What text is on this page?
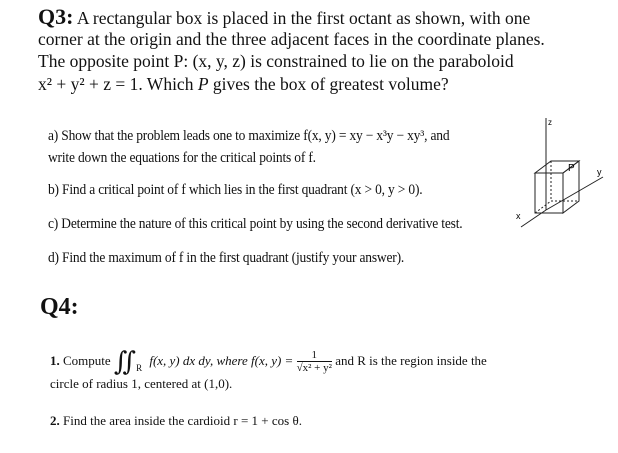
Q3: A rectangular box is placed in the first octant as shown, with one
corner at the origin and the three adjacent faces in the coordinate planes.
The opposite point P: (x, y, z) is constrained to lie on the paraboloid
x² + y² + z = 1. Which P gives the box of greatest volume?
a) Show that the problem leads one to maximize f(x, y) = xy − x³y − xy³, and
write down the equations for the critical points of f.
b) Find a critical point of f which lies in the first quadrant (x > 0, y > 0).
c) Determine the nature of this critical point by using the second derivative test.
d) Find the maximum of f in the first quadrant (justify your answer).
z
y
x
P
Q4:
1. Compute $∬_R$ f(x, y) dx dy, where f(x, $y) = \frac{1}{\text{√x² + y²}}$ and R is the region inside the
circle of radius 1, centered at (1,0).
2. Find the area inside the cardioid r = 1 + cos θ.
